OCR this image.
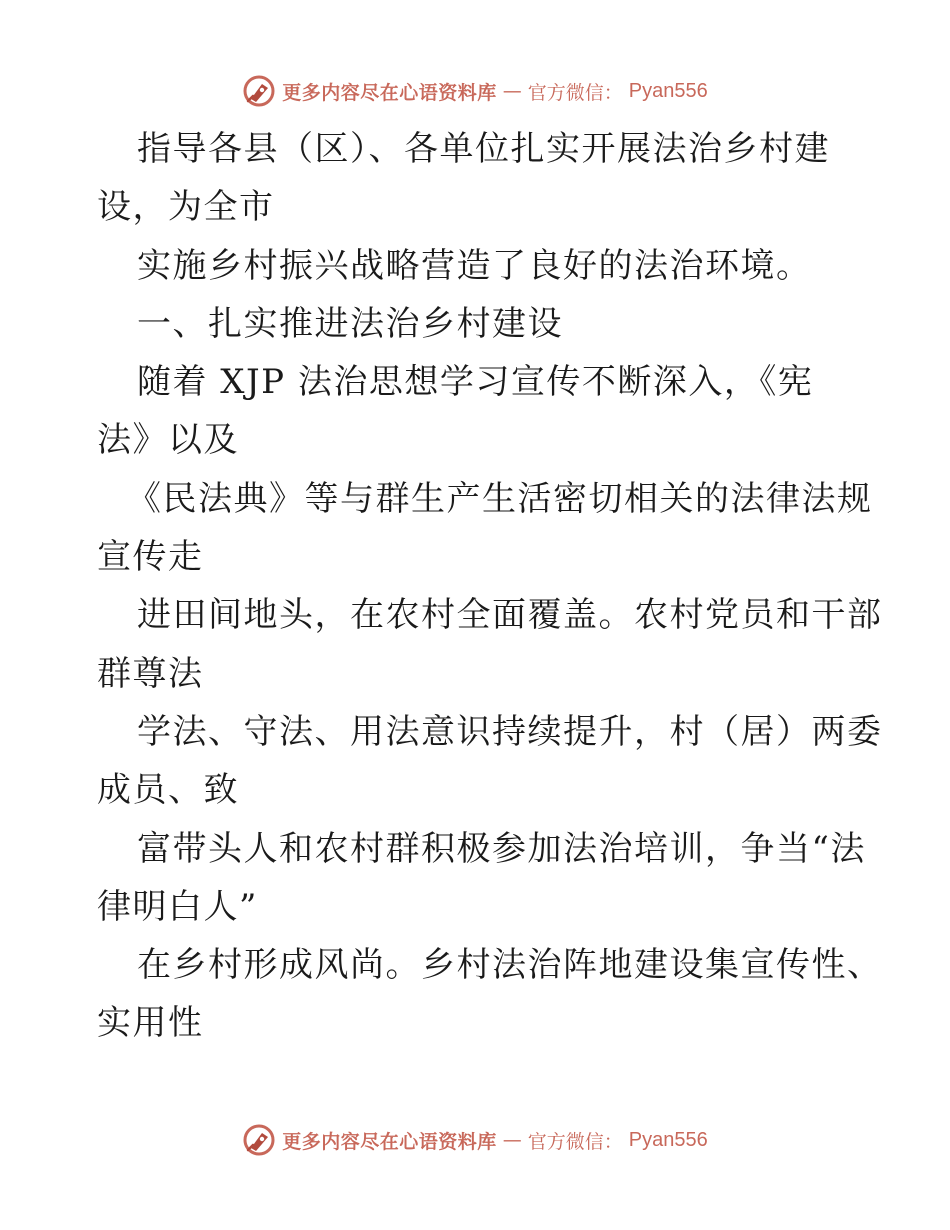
更多内容尽在心语资料库 — 官方微信： Pyan556
指导各县（区）、各单位扎实开展法治乡村建
设，为全市
实施乡村振兴战略营造了良好的法治环境。
一、扎实推进法治乡村建设
随着 XJP 法治思想学习宣传不断深入，《宪
法》以及
《民法典》等与群生产生活密切相关的法律法规
宣传走
进田间地头，在农村全面覆盖。农村党员和干部
群尊法
学法、守法、用法意识持续提升，村（居）两委
成员、致
富带头人和农村群积极参加法治培训，争当“法
律明白人”
在乡村形成风尚。乡村法治阵地建设集宣传性、
实用性
更多内容尽在心语资料库 — 官方微信： Pyan556
